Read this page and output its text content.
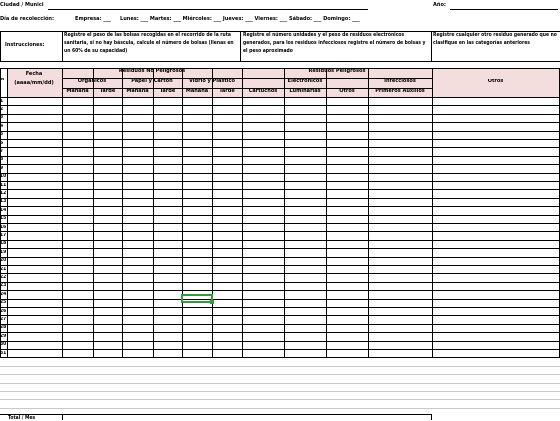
Ciudad / Munici	Año:
Día de recolección:	Empresa: ___ Lunes: ___ Martes: ___ Miércoles: ___ Jueves: ___ Viernes: ___ Sábado: ___ Domingo: ___
Instrucciones:
Registre el peso de las bolsas recogidas en el recorrido de la ruta sanitaria, si no hay báscula, calcule el número de bolsas (llenas en un 60% de su capacidad)
Registre el número unidades y el peso de residuos electrónicos generados, para los residuos infecciosos registre el número de bolsas y el peso aproximado
Registre cualquier otro residuo generado que no clasifique en las categorías anteriores
Fecha (aaaa/mm/dd)
N°
Residuos No Peligrosos	Residuos Peligrosos
Orgánicos	Papel y Cartón	Vidrio y Plástico	Electrónicos	Infecciosos	Otros
Mañana	Tarde	Mañana	Tarde	Mañana	Tarde	Cartuchos	Luminarias	Otros	Primeros Auxilios
1
2
3
4
5
6
7
8
9
10
11
12
13
14
15
16
17
18
19
20
21
22
23
24
25
26
27
28
29
30
31
Total / Mes
